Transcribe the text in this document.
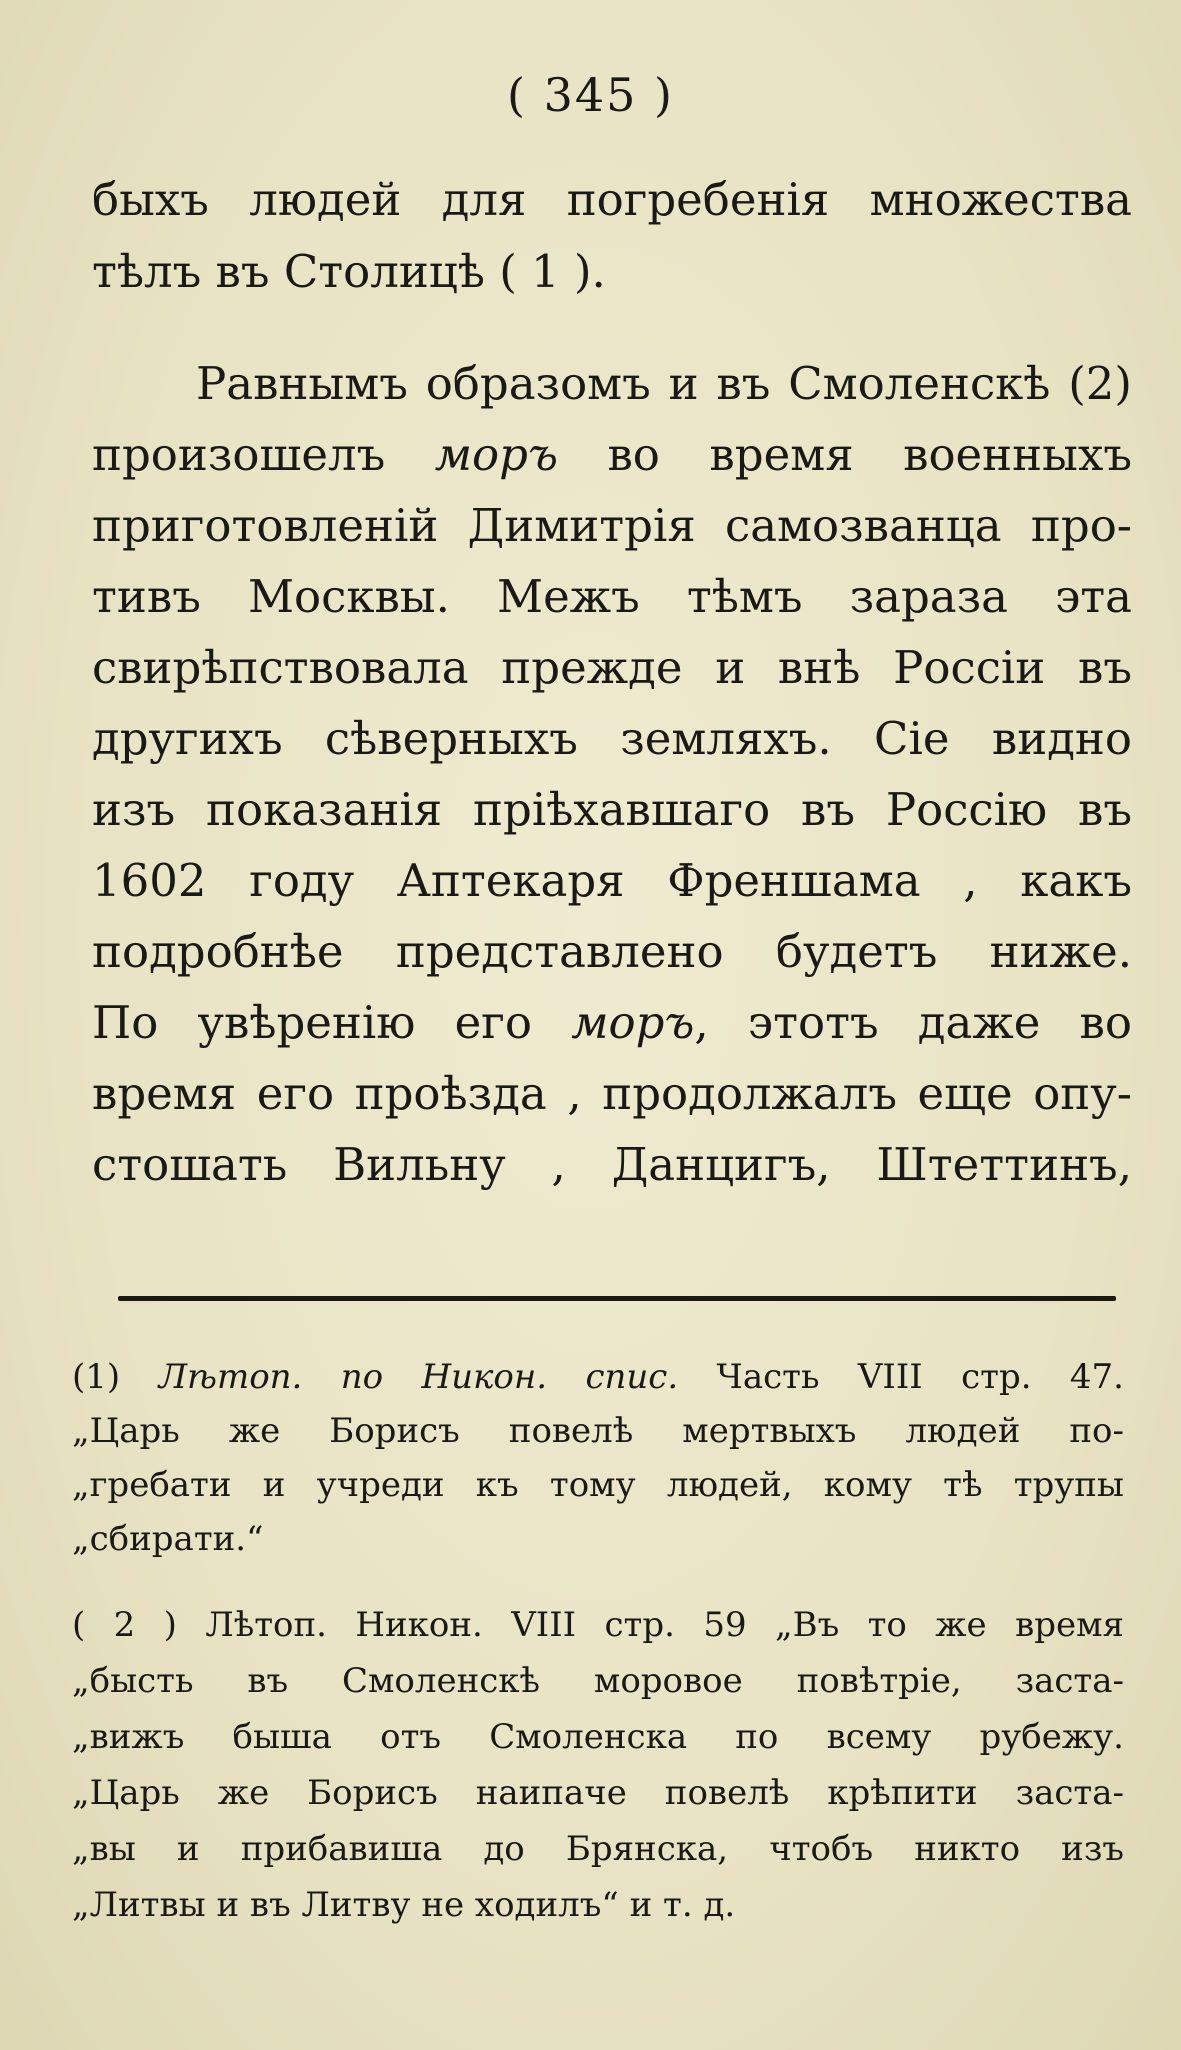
( 345 )
быхъ людей для погребенія множества
тѣлъ въ Столицѣ ( 1 ).
Равнымъ образомъ и въ Смоленскѣ (2)
произошелъ моръ во время военныхъ
приготовленій Димитрія самозванца про-
тивъ Москвы. Межъ тѣмъ зараза эта
свирѣпствовала прежде и внѣ Россіи въ
другихъ сѣверныхъ земляхъ. Сіе видно
изъ показанія пріѣхавшаго въ Россію въ
1602 году Аптекаря Френшама , какъ
подробнѣе представлено будетъ ниже.
По увѣренію его моръ, этотъ даже во
время его проѣзда , продолжалъ еще опу-
стошать Вильну , Данцигъ, Штеттинъ,
(1) Лѣтоп. по Никон. спис. Часть VIII стр. 47.
„Царь же Борисъ повелѣ мертвыхъ людей по-
„гребати и учреди къ тому людей, кому тѣ трупы
„сбирати.“
( 2 ) Лѣтоп. Никон. VIII стр. 59 „Въ то же время
„бысть въ Смоленскѣ моровое повѣтріе, заста-
„вижъ быша отъ Смоленска по всему рубежу.
„Царь же Борисъ наипаче повелѣ крѣпити заста-
„вы и прибавиша до Брянска, чтобъ никто изъ
„Литвы и въ Литву не ходилъ“ и т. д.
